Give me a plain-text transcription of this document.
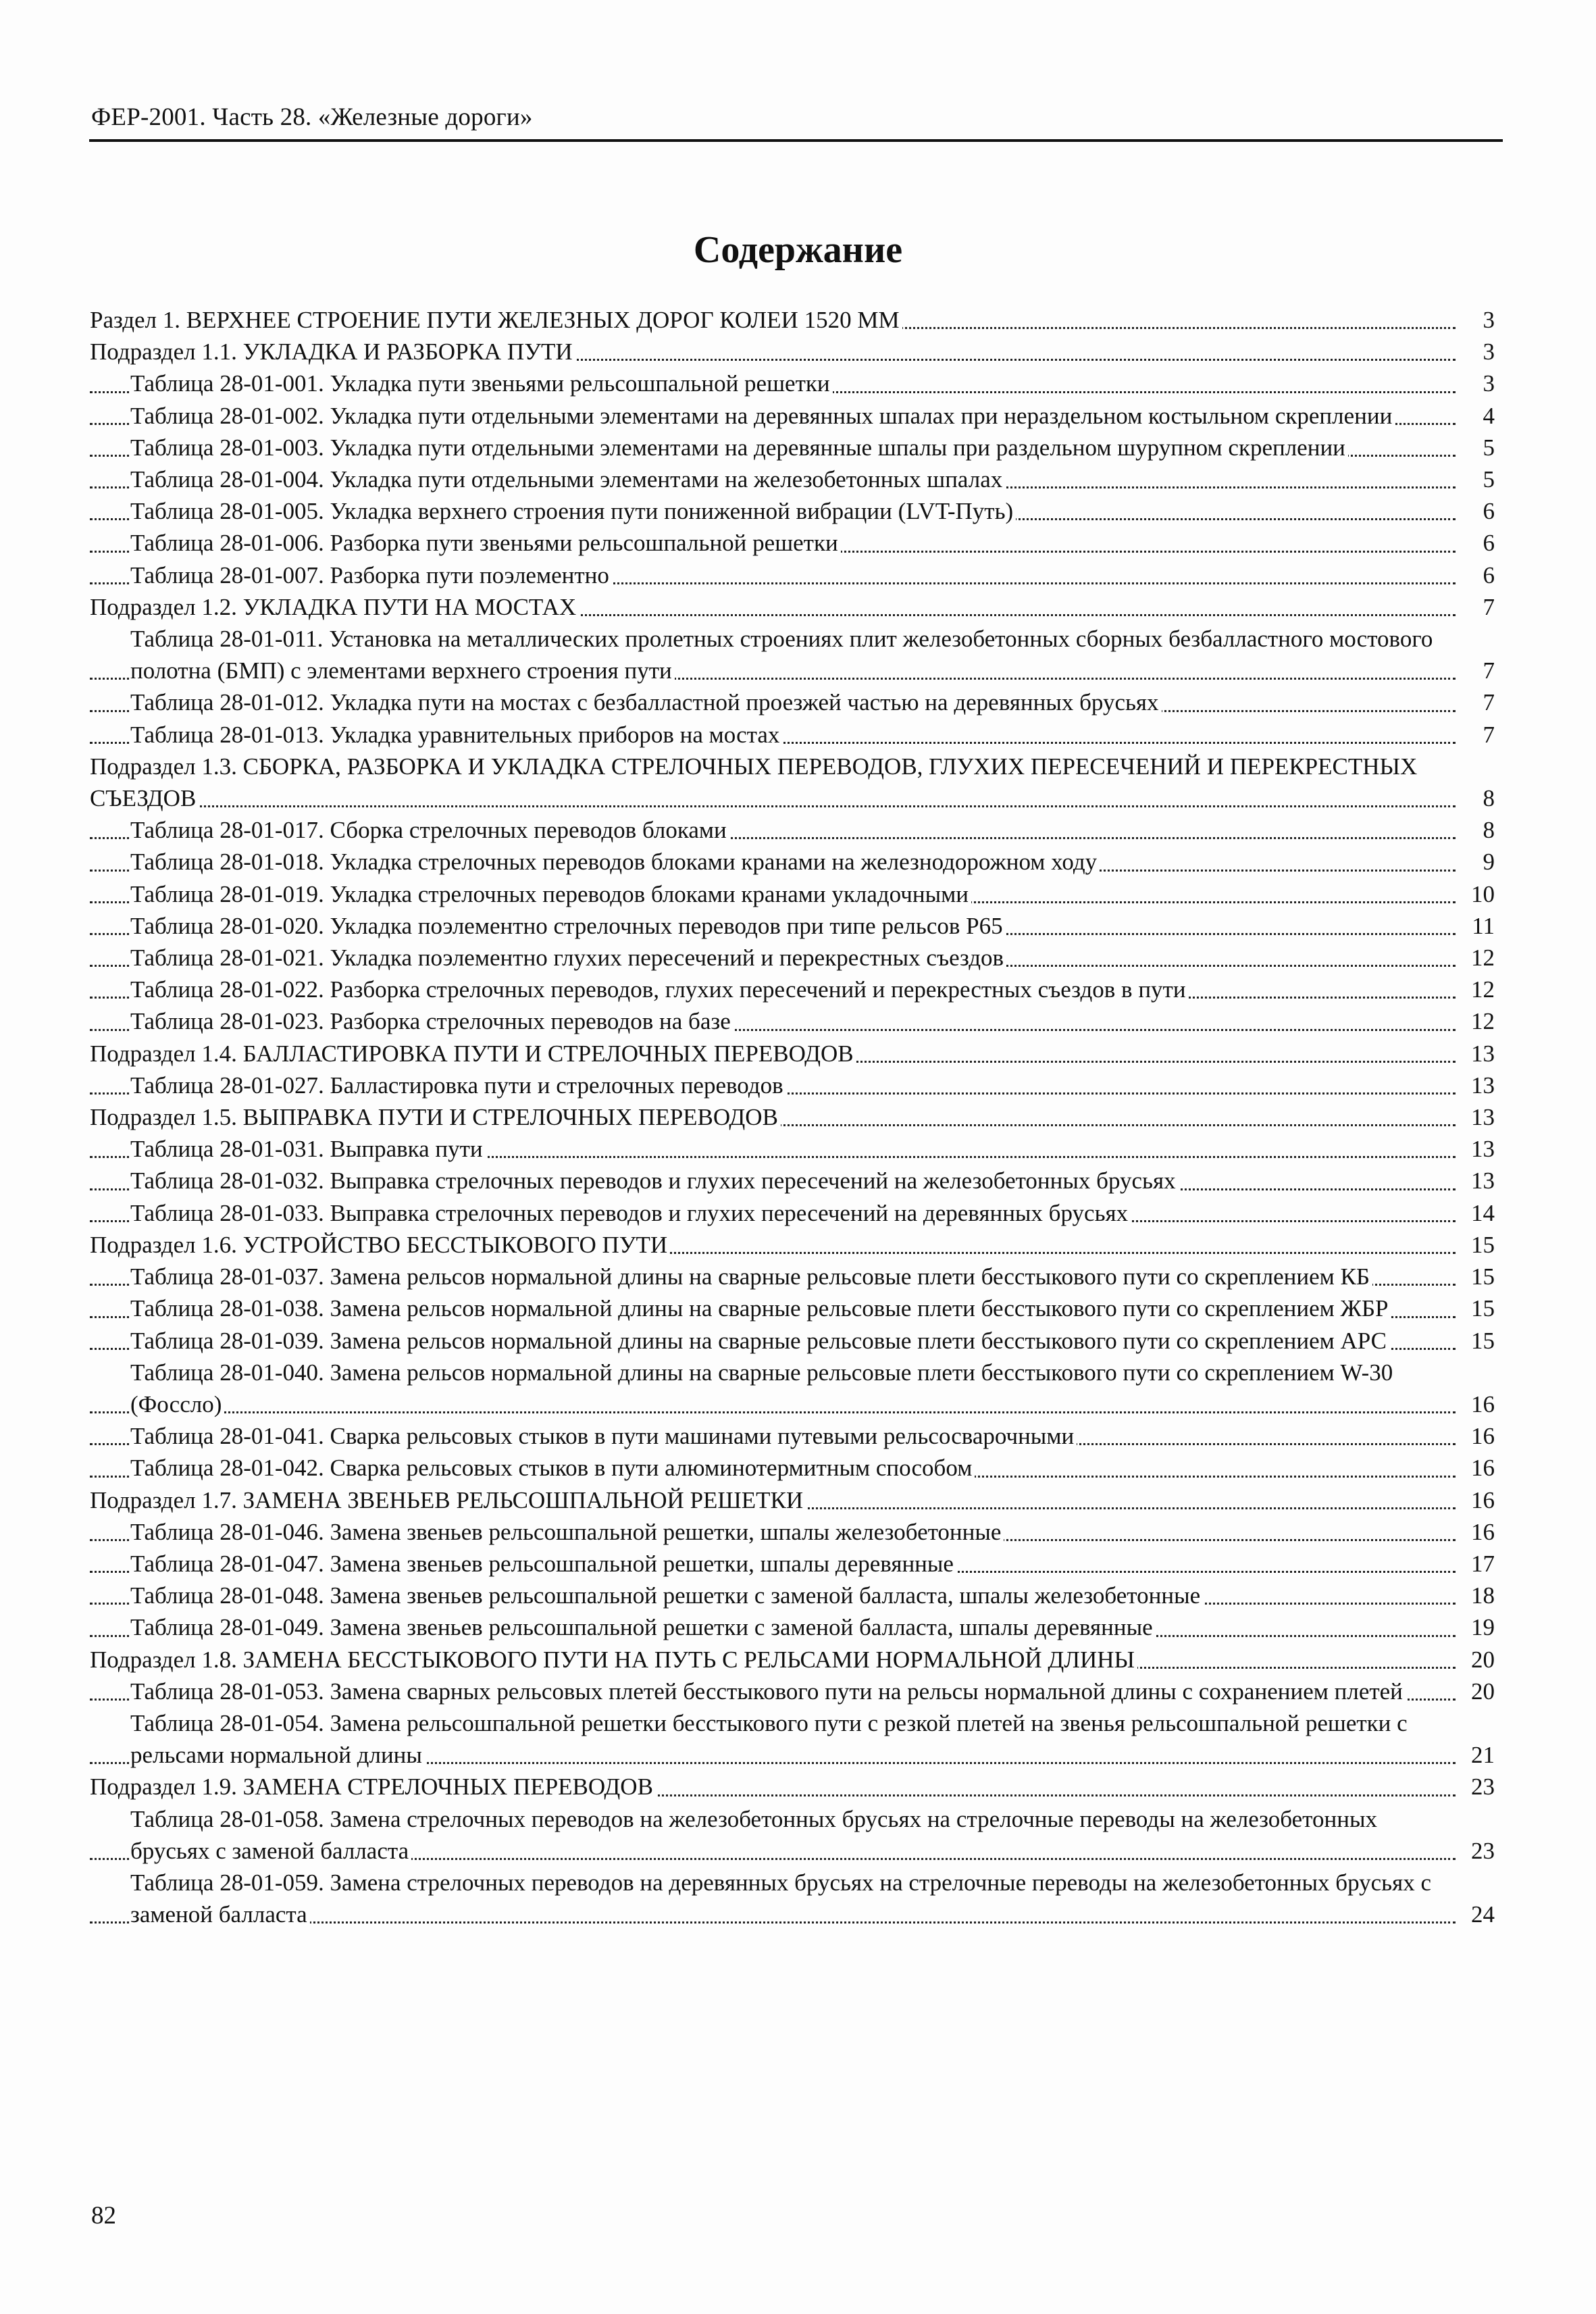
ФЕР-2001. Часть 28. «Железные дороги»
Содержание
Раздел 1. ВЕРХНЕЕ СТРОЕНИЕ ПУТИ ЖЕЛЕЗНЫХ ДОРОГ КОЛЕИ 1520 ММ	3
Подраздел 1.1. УКЛАДКА И РАЗБОРКА ПУТИ	3
Таблица 28-01-001. Укладка пути звеньями рельсошпальной решетки	3
Таблица 28-01-002. Укладка пути отдельными элементами на деревянных шпалах при нераздельном костыльном скреплении	4
Таблица 28-01-003. Укладка пути отдельными элементами на деревянные шпалы при раздельном шурупном скреплении	5
Таблица 28-01-004. Укладка пути отдельными элементами на железобетонных шпалах	5
Таблица 28-01-005. Укладка верхнего строения пути пониженной вибрации (LVT-Путь)	6
Таблица 28-01-006. Разборка пути звеньями рельсошпальной решетки	6
Таблица 28-01-007. Разборка пути поэлементно	6
Подраздел 1.2. УКЛАДКА ПУТИ НА МОСТАХ	7
Таблица 28-01-011. Установка на металлических пролетных строениях плит железобетонных сборных безбалластного мостового полотна (БМП) с элементами верхнего строения пути	7
Таблица 28-01-012. Укладка пути на мостах с безбалластной проезжей частью на деревянных брусьях	7
Таблица 28-01-013. Укладка уравнительных приборов на мостах	7
Подраздел 1.3. СБОРКА, РАЗБОРКА И УКЛАДКА СТРЕЛОЧНЫХ ПЕРЕВОДОВ, ГЛУХИХ ПЕРЕСЕЧЕНИЙ И ПЕРЕКРЕСТНЫХ СЪЕЗДОВ	8
Таблица 28-01-017. Сборка стрелочных переводов блоками	8
Таблица 28-01-018. Укладка стрелочных переводов блоками кранами на железнодорожном ходу	9
Таблица 28-01-019. Укладка стрелочных переводов блоками кранами укладочными	10
Таблица 28-01-020. Укладка поэлементно стрелочных переводов при типе рельсов Р65	11
Таблица 28-01-021. Укладка поэлементно глухих пересечений и перекрестных съездов	12
Таблица 28-01-022. Разборка стрелочных переводов, глухих пересечений и перекрестных съездов в пути	12
Таблица 28-01-023. Разборка стрелочных переводов на базе	12
Подраздел 1.4. БАЛЛАСТИРОВКА ПУТИ И СТРЕЛОЧНЫХ ПЕРЕВОДОВ	13
Таблица 28-01-027. Балластировка пути и стрелочных переводов	13
Подраздел 1.5. ВЫПРАВКА ПУТИ И СТРЕЛОЧНЫХ ПЕРЕВОДОВ	13
Таблица 28-01-031. Выправка пути	13
Таблица 28-01-032. Выправка стрелочных переводов и глухих пересечений на железобетонных брусьях	13
Таблица 28-01-033. Выправка стрелочных переводов и глухих пересечений на деревянных брусьях	14
Подраздел 1.6. УСТРОЙСТВО БЕССТЫКОВОГО ПУТИ	15
Таблица 28-01-037. Замена рельсов нормальной длины на сварные рельсовые плети бесстыкового пути со скреплением КБ	15
Таблица 28-01-038. Замена рельсов нормальной длины на сварные рельсовые плети бесстыкового пути со скреплением ЖБР	15
Таблица 28-01-039. Замена рельсов нормальной длины на сварные рельсовые плети бесстыкового пути со скреплением АРС	15
Таблица 28-01-040. Замена рельсов нормальной длины на сварные рельсовые плети бесстыкового пути со скреплением W-30 (Фоссло)	16
Таблица 28-01-041. Сварка рельсовых стыков в пути машинами путевыми рельсосварочными	16
Таблица 28-01-042. Сварка рельсовых стыков в пути алюминотермитным способом	16
Подраздел 1.7. ЗАМЕНА ЗВЕНЬЕВ РЕЛЬСОШПАЛЬНОЙ РЕШЕТКИ	16
Таблица 28-01-046. Замена звеньев рельсошпальной решетки, шпалы железобетонные	16
Таблица 28-01-047. Замена звеньев рельсошпальной решетки, шпалы деревянные	17
Таблица 28-01-048. Замена звеньев рельсошпальной решетки с заменой балласта, шпалы железобетонные	18
Таблица 28-01-049. Замена звеньев рельсошпальной решетки с заменой балласта, шпалы деревянные	19
Подраздел 1.8. ЗАМЕНА БЕССТЫКОВОГО ПУТИ НА ПУТЬ С РЕЛЬСАМИ НОРМАЛЬНОЙ ДЛИНЫ	20
Таблица 28-01-053. Замена сварных рельсовых плетей бесстыкового пути на рельсы нормальной длины с сохранением плетей	20
Таблица 28-01-054. Замена рельсошпальной решетки бесстыкового пути с резкой плетей на звенья рельсошпальной решетки с рельсами нормальной длины	21
Подраздел 1.9. ЗАМЕНА СТРЕЛОЧНЫХ ПЕРЕВОДОВ	23
Таблица 28-01-058. Замена стрелочных переводов на железобетонных брусьях на стрелочные переводы на железобетонных брусьях с заменой балласта	23
Таблица 28-01-059. Замена стрелочных переводов на деревянных брусьях на стрелочные переводы на железобетонных брусьях с заменой балласта	24
82
